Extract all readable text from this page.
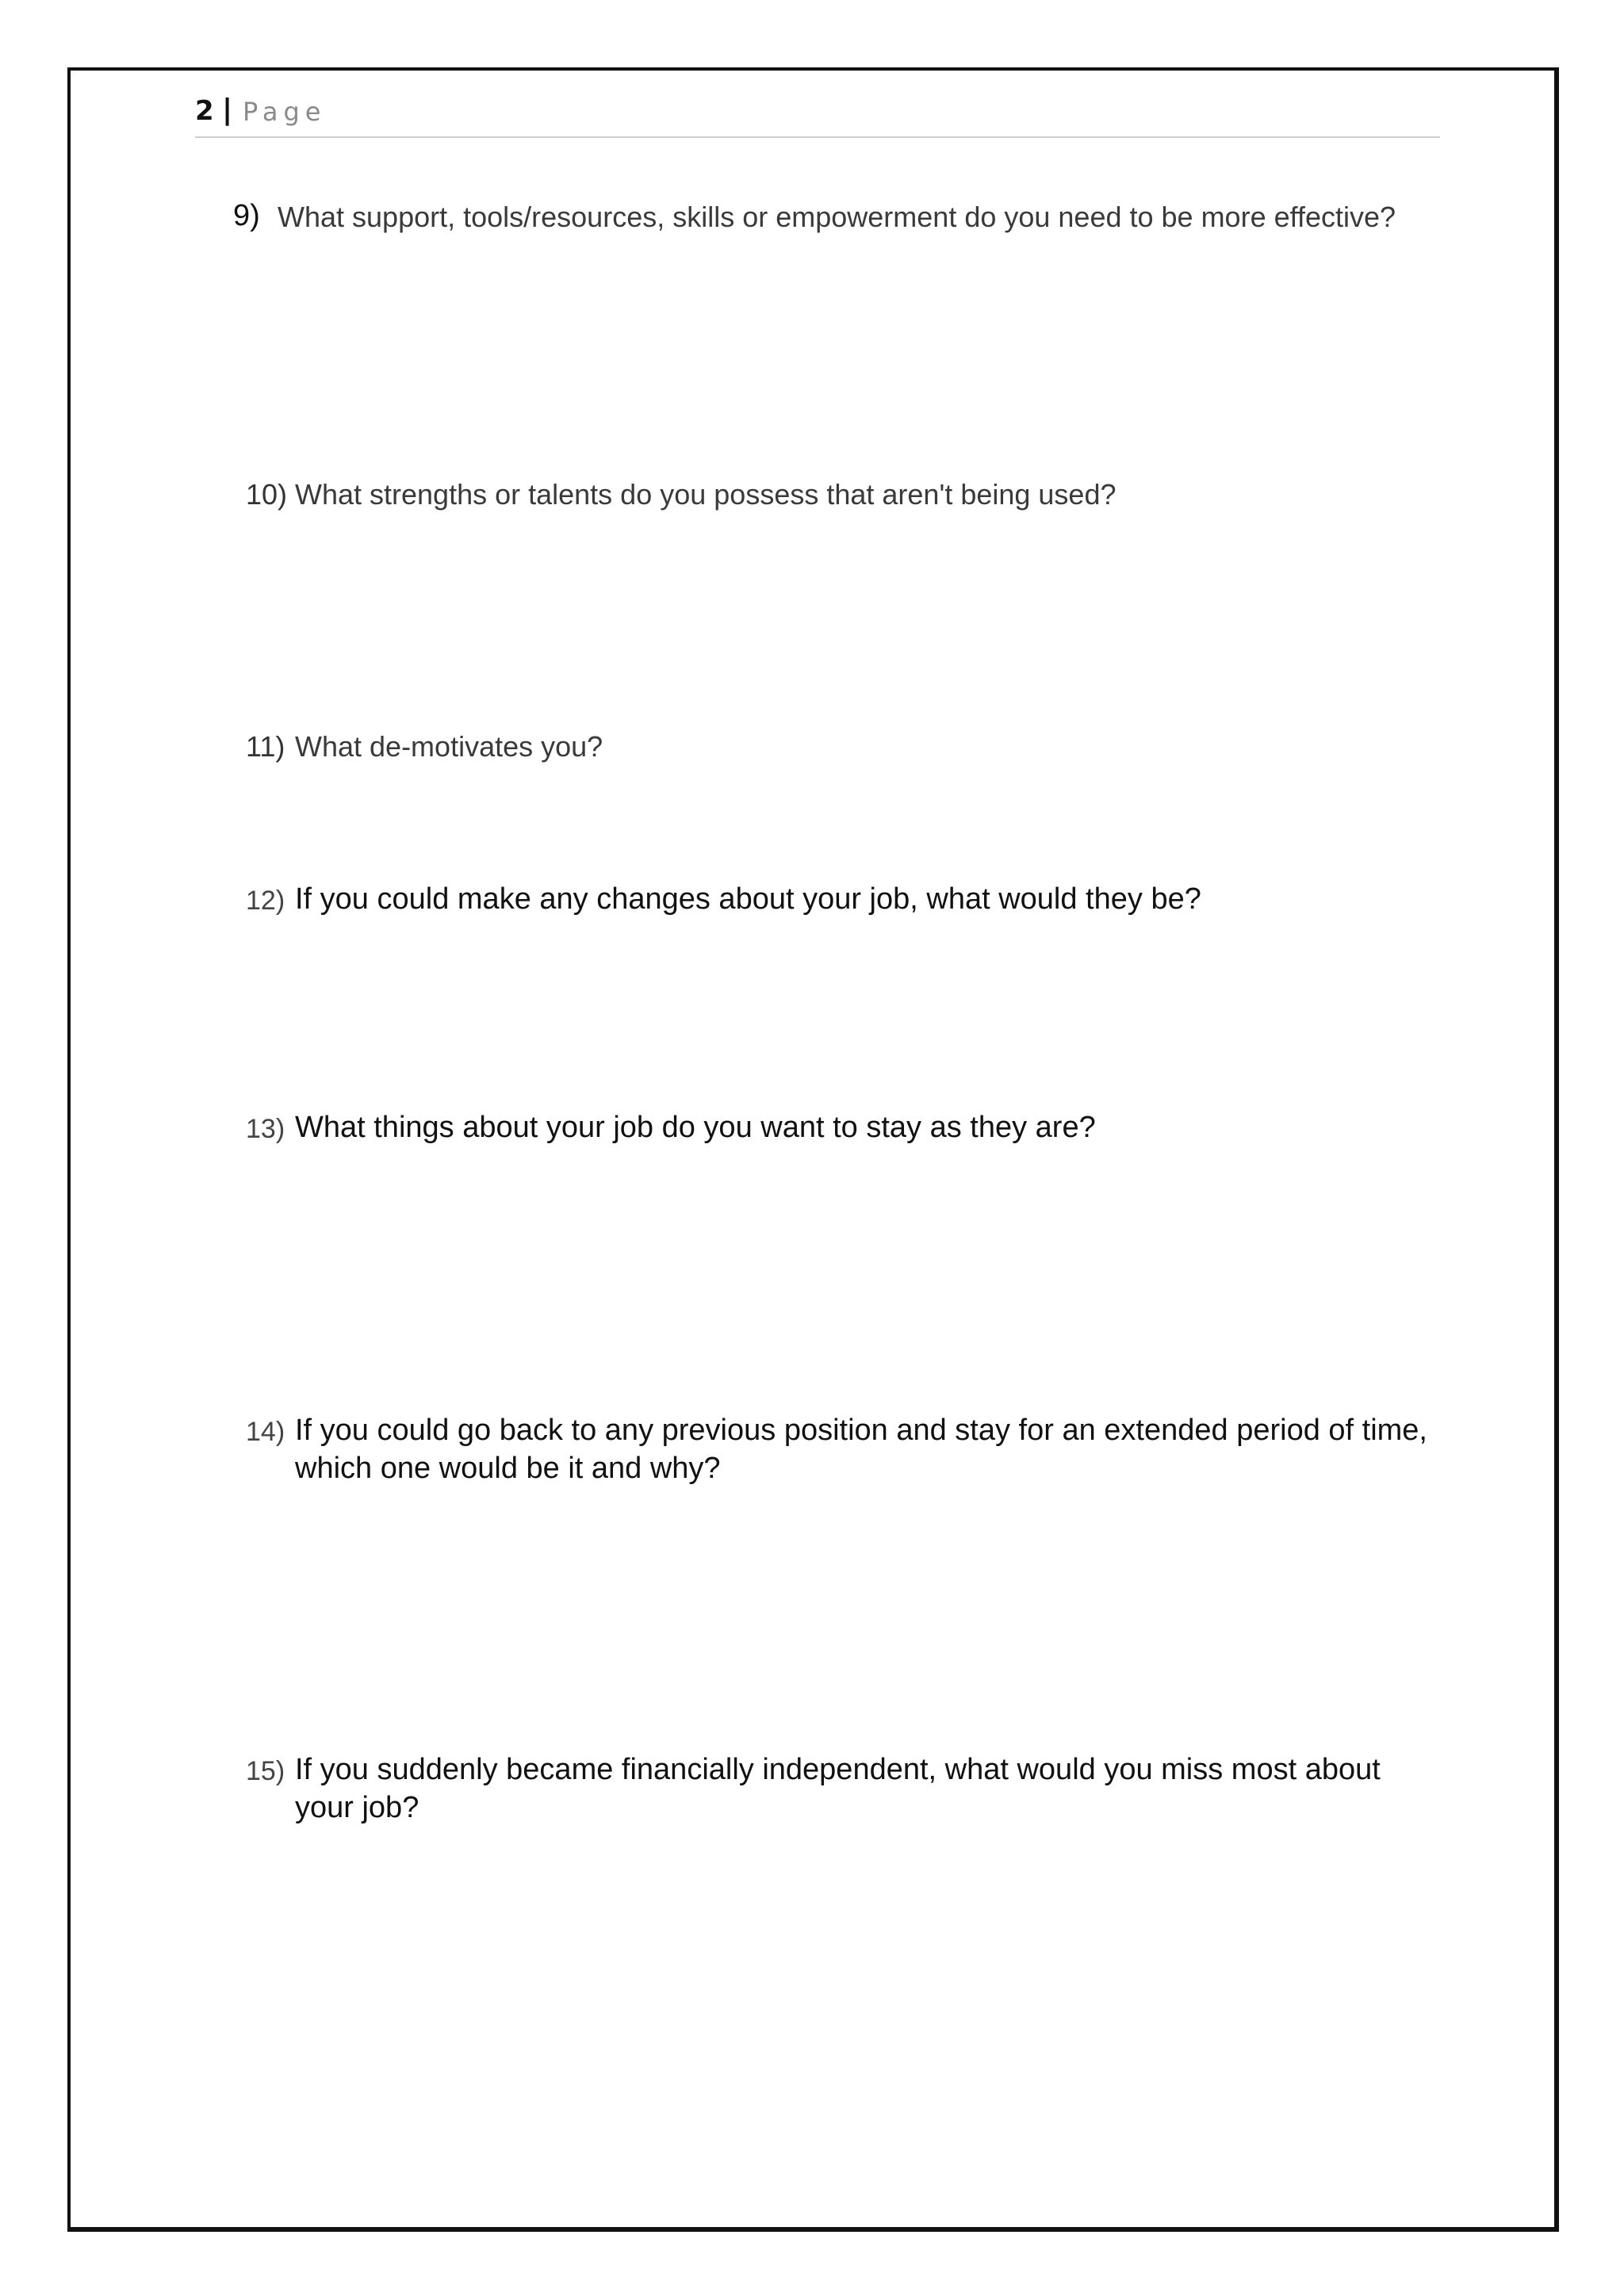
2 | Page
9) What support, tools/resources, skills or empowerment do you need to be more effective?
10) What strengths or talents do you possess that aren't being used?
11) What de-motivates you?
12) If you could make any changes about your job, what would they be?
13) What things about your job do you want to stay as they are?
14) If you could go back to any previous position and stay for an extended period of time,
which one would be it and why?
15) If you suddenly became financially independent, what would you miss most about
your job?
